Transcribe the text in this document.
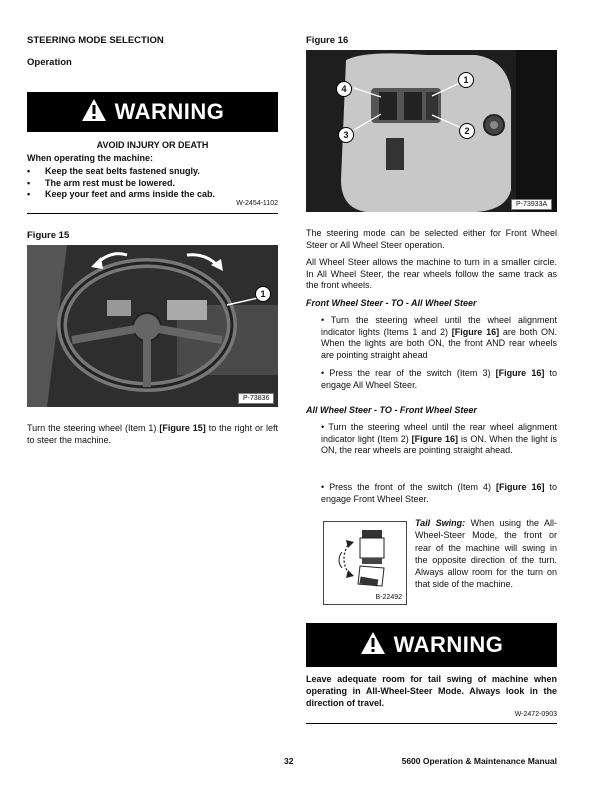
STEERING MODE SELECTION
Operation
WARNING
AVOID INJURY OR DEATH
When operating the machine:
• Keep the seat belts fastened snugly.
• The arm rest must be lowered.
• Keep your feet and arms inside the cab.
W-2454-1102
Figure 15
1
P-73836
Turn the steering wheel (Item 1) [Figure 15] to the right or left to steer the machine.
Figure 16
1
2
3
4
P-73933A
The steering mode can be selected either for Front Wheel Steer or All Wheel Steer operation.
All Wheel Steer allows the machine to turn in a smaller circle. In All Wheel Steer, the rear wheels follow the same track as the front wheels.
Front Wheel Steer - TO - All Wheel Steer
• Turn the steering wheel until the wheel alignment indicator lights (Items 1 and 2) [Figure 16] are both ON. When the lights are both ON, the front AND rear wheels are pointing straight ahead
• Press the rear of the switch (Item 3) [Figure 16] to engage All Wheel Steer.
All Wheel Steer - TO - Front Wheel Steer
• Turn the steering wheel until the rear wheel alignment indicator light (Item 2) [Figure 16] is ON. When the light is ON, the rear wheels are pointing straight ahead.
• Press the front of the switch (Item 4) [Figure 16] to engage Front Wheel Steer.
B-22492
Tail Swing: When using the All-Wheel-Steer Mode, the front or rear of the machine will swing in the opposite direction of the turn. Always allow room for the turn on that side of the machine.
WARNING
Leave adequate room for tail swing of machine when operating in All-Wheel-Steer Mode. Always look in the direction of travel.
W-2472-0903
32	5600 Operation & Maintenance Manual
